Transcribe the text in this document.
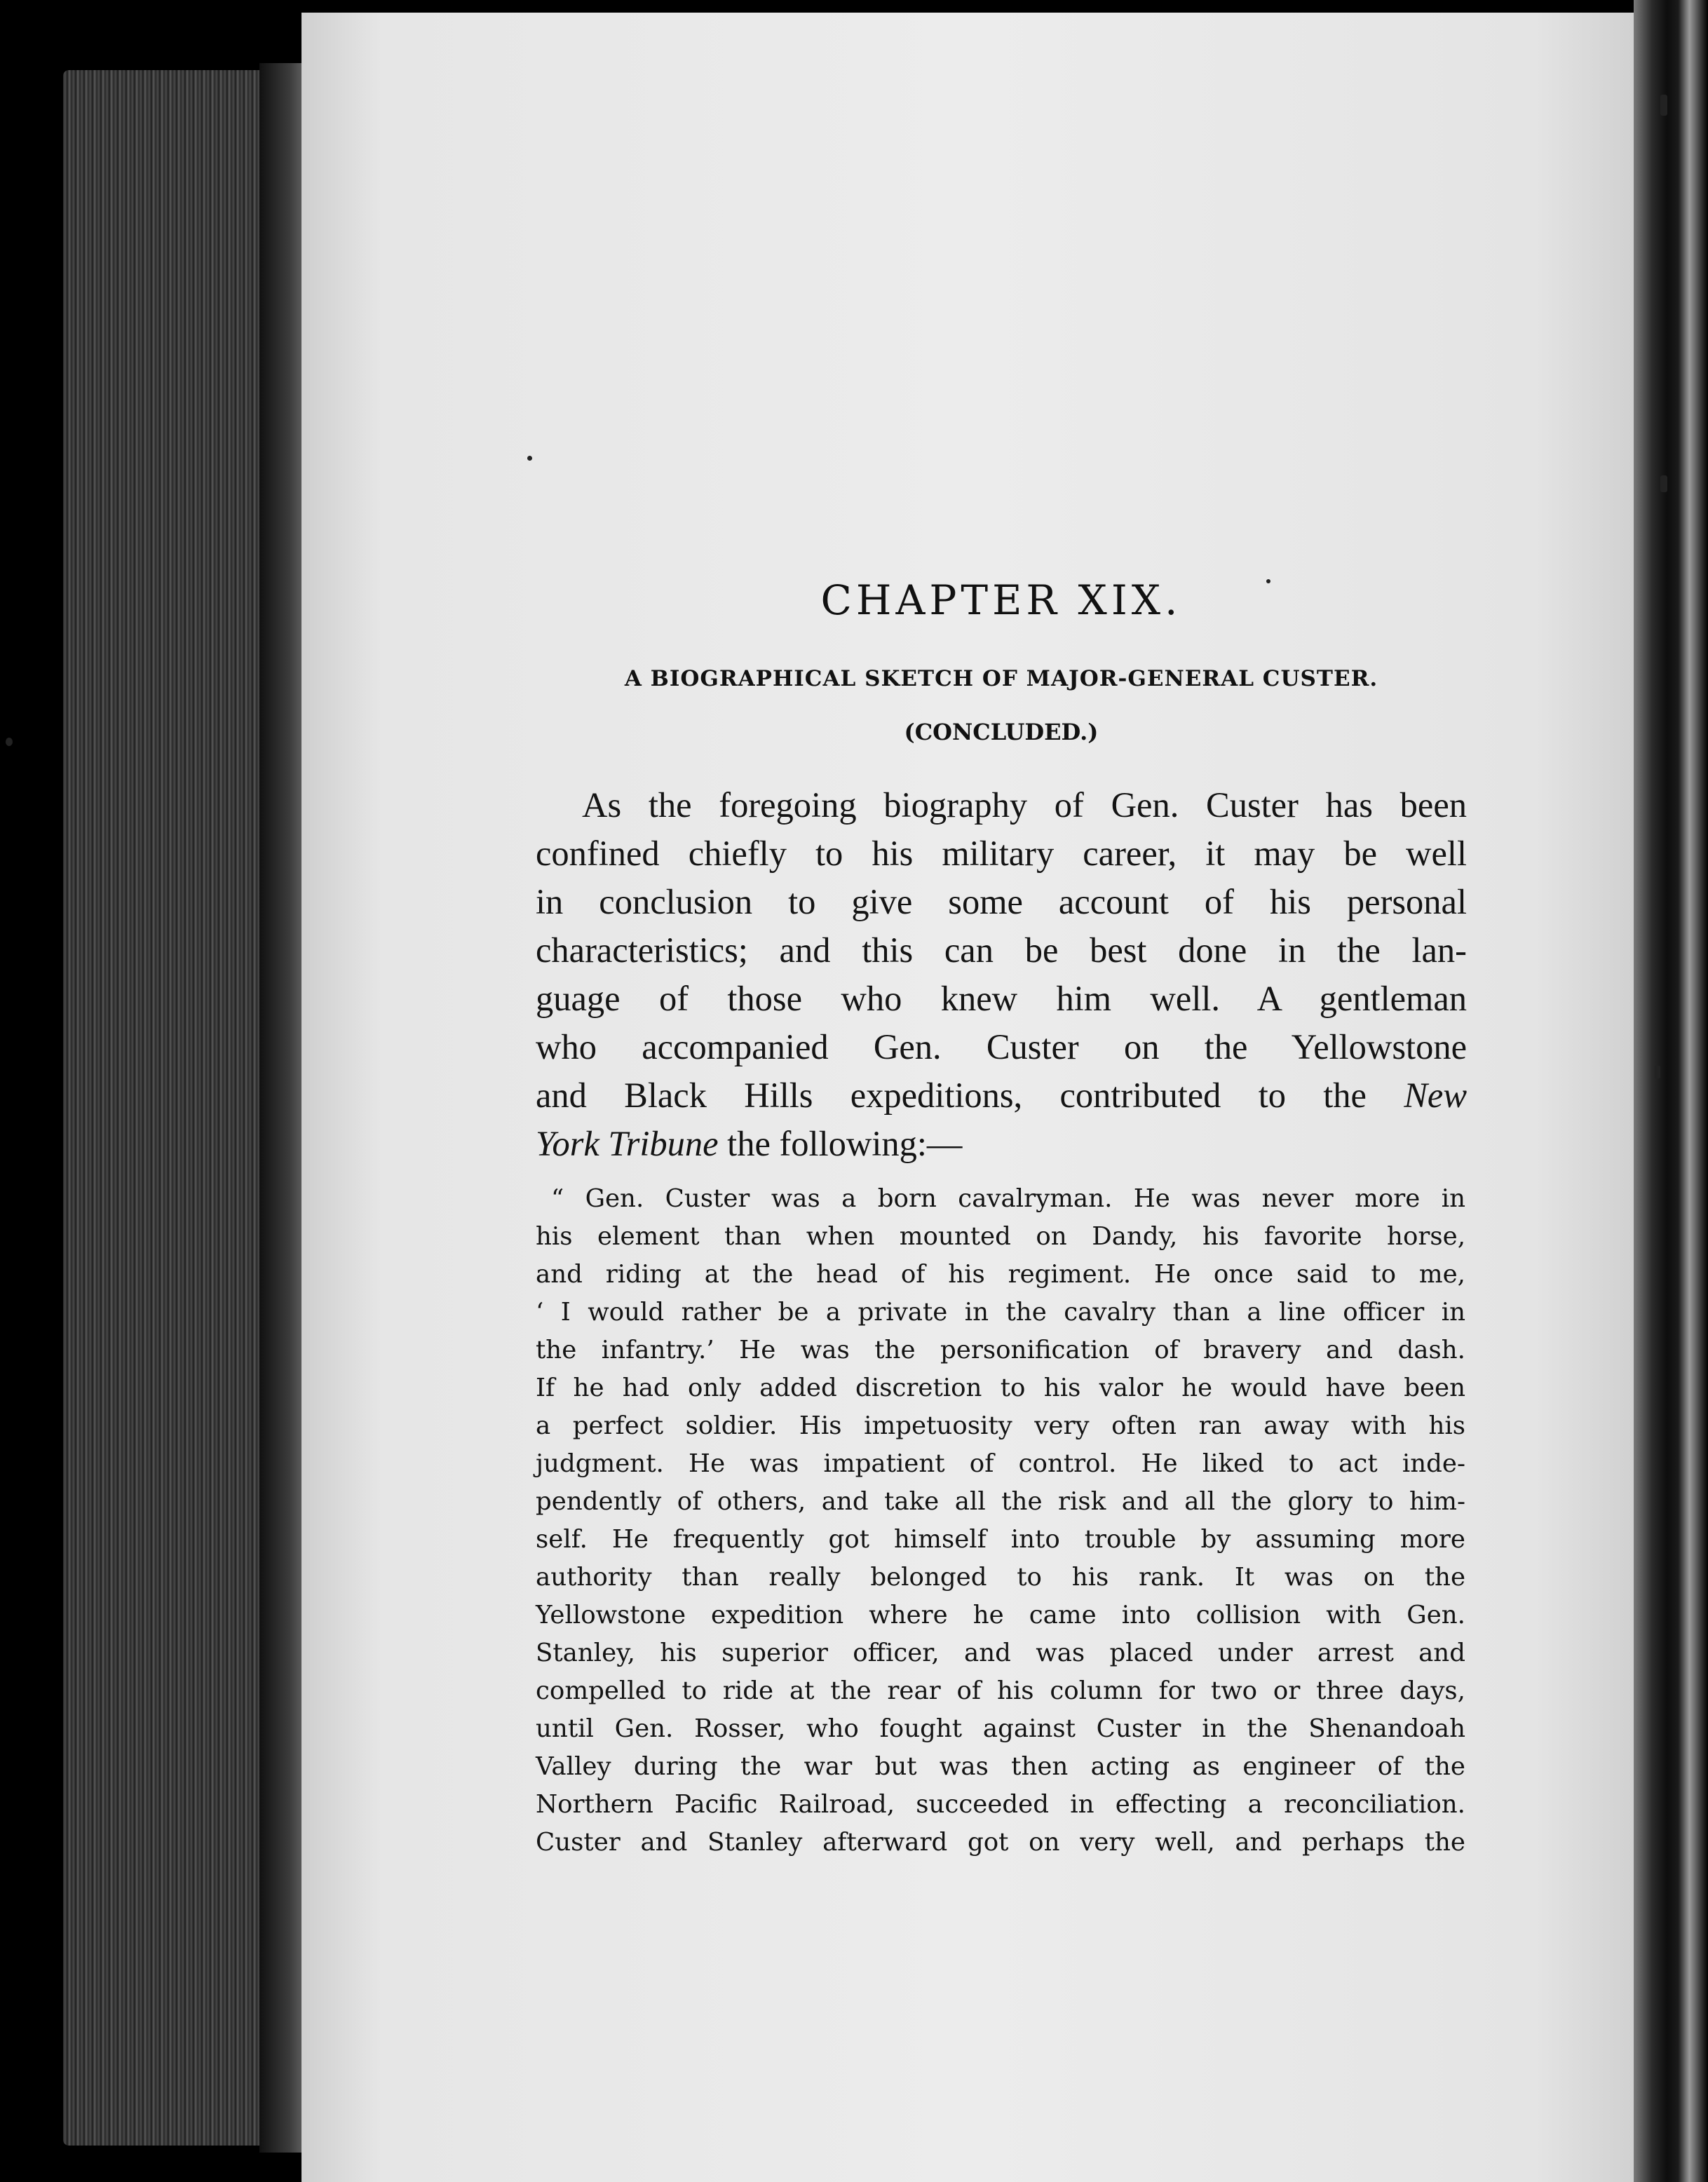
CHAPTER XIX.
A BIOGRAPHICAL SKETCH OF MAJOR-GENERAL CUSTER.
(CONCLUDED.)
As the foregoing biography of Gen. Custer has been
confined chiefly to his military career, it may be well
in conclusion to give some account of his personal
characteristics; and this can be best done in the lan-
guage of those who knew him well. A gentleman
who accompanied Gen. Custer on the Yellowstone
and Black Hills expeditions, contributed to the New
York Tribune the following:—
“ Gen. Custer was a born cavalryman. He was never more in
his element than when mounted on Dandy, his favorite horse,
and riding at the head of his regiment. He once said to me,
‘ I would rather be a private in the cavalry than a line officer in
the infantry.’ He was the personification of bravery and dash.
If he had only added discretion to his valor he would have been
a perfect soldier. His impetuosity very often ran away with his
judgment. He was impatient of control. He liked to act inde-
pendently of others, and take all the risk and all the glory to him-
self. He frequently got himself into trouble by assuming more
authority than really belonged to his rank. It was on the
Yellowstone expedition where he came into collision with Gen.
Stanley, his superior officer, and was placed under arrest and
compelled to ride at the rear of his column for two or three days,
until Gen. Rosser, who fought against Custer in the Shenandoah
Valley during the war but was then acting as engineer of the
Northern Pacific Railroad, succeeded in effecting a reconciliation.
Custer and Stanley afterward got on very well, and perhaps the
